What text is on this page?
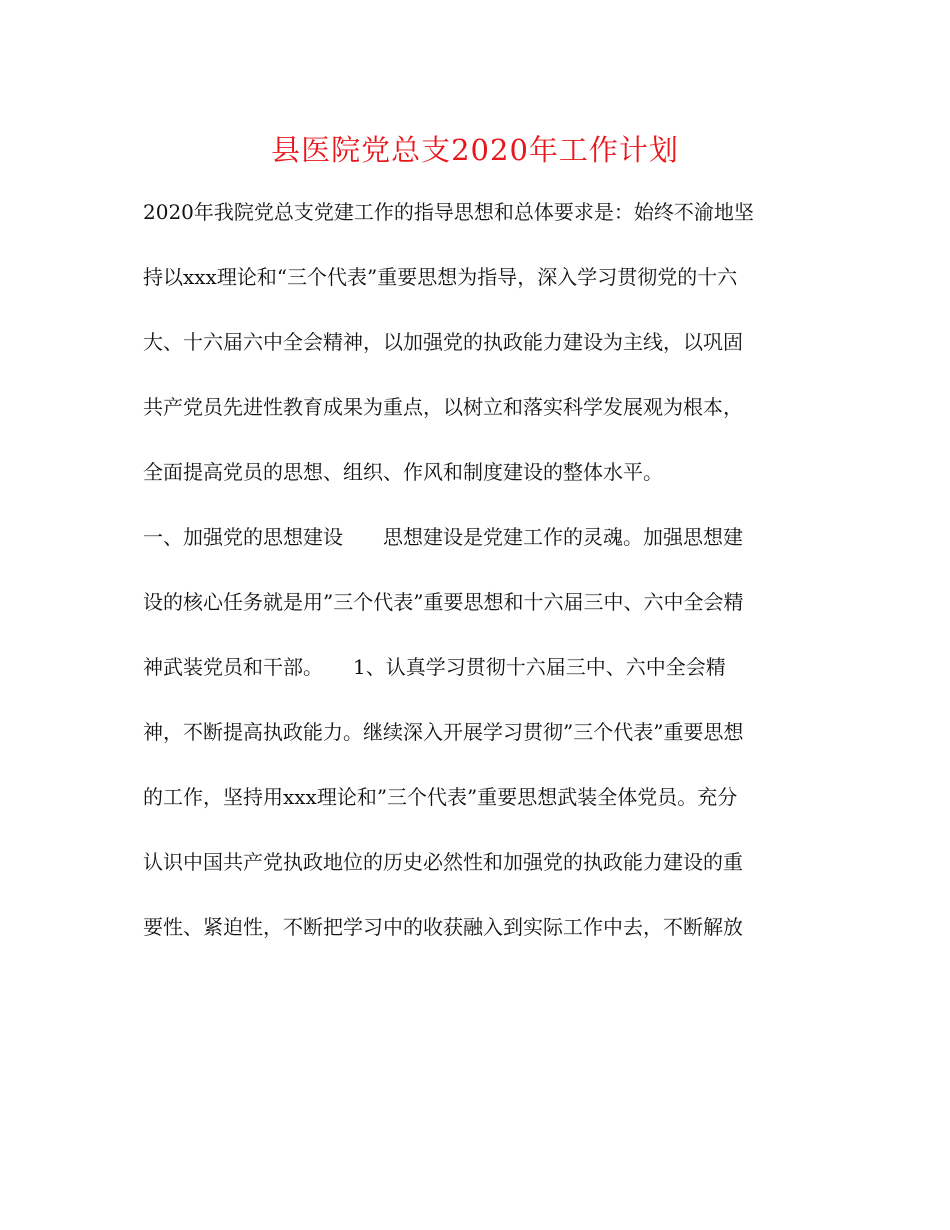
县医院党总支2020年工作计划
2020年我院党总支党建工作的指导思想和总体要求是：始终不渝地坚
持以xxx理论和“三个代表”重要思想为指导，深入学习贯彻党的十六
大、十六届六中全会精神，以加强党的执政能力建设为主线，以巩固
共产党员先进性教育成果为重点，以树立和落实科学发展观为根本，
全面提高党员的思想、组织、作风和制度建设的整体水平。
一、加强党的思想建设　　思想建设是党建工作的灵魂。加强思想建
设的核心任务就是用”三个代表”重要思想和十六届三中、六中全会精
神武装党员和干部。　　1、认真学习贯彻十六届三中、六中全会精
神，不断提高执政能力。继续深入开展学习贯彻”三个代表”重要思想
的工作，坚持用xxx理论和”三个代表”重要思想武装全体党员。充分
认识中国共产党执政地位的历史必然性和加强党的执政能力建设的重
要性、紧迫性，不断把学习中的收获融入到实际工作中去，不断解放
